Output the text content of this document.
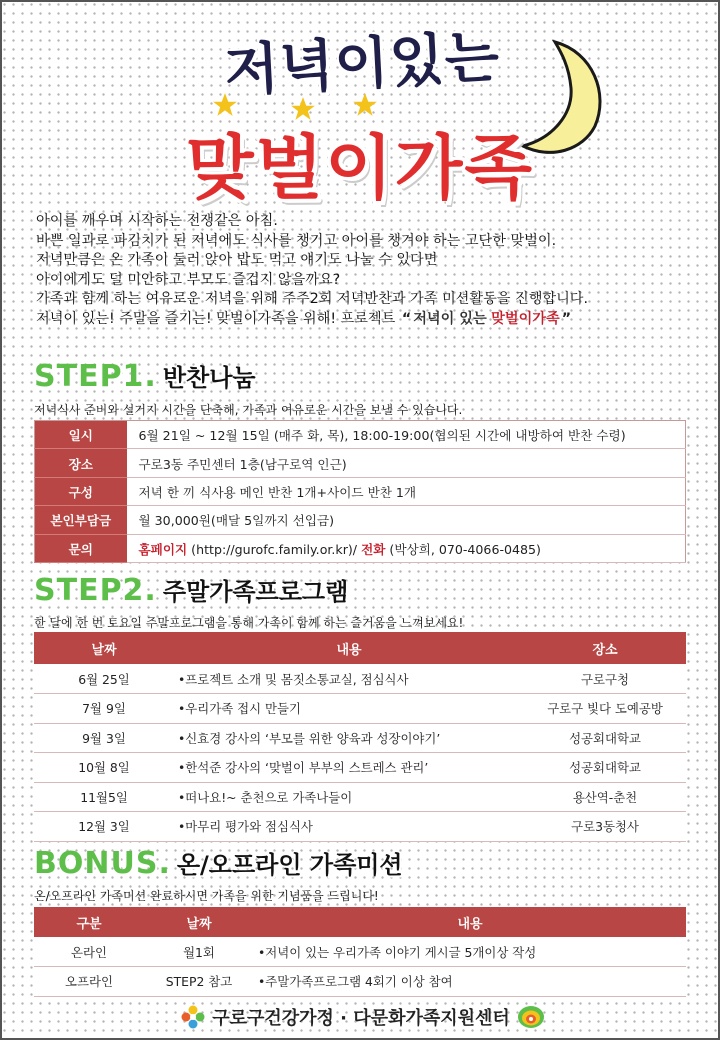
저녁이있는
맞벌이가족

아이를 깨우며 시작하는 전쟁같은 아침.

바쁜 일과로 파김치가 된 저녁에도 식사를 챙기고 아이를 챙겨야 하는 고단한 맞벌이.

저녁만큼은 온 가족이 둘러 앉아 밥도 먹고 얘기도 나눌 수 있다면

아이에게도 덜 미안하고 부모도 즐겁지 않을까요?

가족과 함께 하는 여유로운 저녁을 위해 주주2회 저녁반찬과 가족 미션활동을 진행합니다.

저녁이 있는! 주말을 즐기는! 맞벌이가족을 위해! 프로젝트 “ 저녁이 있는 맞벌이가족 ”

STEP1. 반찬나눔
저녁식사 준비와 설거지 시간을 단축해, 가족과 여유로운 시간을 보낼 수 있습니다.
일시	6월 21일 ~ 12월 15일 (매주 화, 목), 18:00-19:00(협의된 시간에 내방하여 반찬 수령)
장소	구로3동 주민센터 1층(남구로역 인근)
구성	저녁 한 끼 식사용 메인 반찬 1개+사이드 반찬 1개
본인부담금	월 30,000원(매달 5일까지 선입금)
문의	홈페이지 (http://gurofc.family.or.kr)/ 전화 (박상희, 070-4066-0485)
STEP2. 주말가족프로그램
한 달에 한 번 토요일 주말프로그램을 통해 가족이 함께 하는 즐거움을 느껴보세요!
날짜	내용	장소
6월 25일	•프로젝트 소개 및 몸짓소통교실, 점심식사	구로구청
7월 9일	•우리가족 접시 만들기	구로구 빛다 도예공방
9월 3일	•신효경 강사의 ‘부모를 위한 양육과 성장이야기’	성공회대학교
10월 8일	•한석준 강사의 ‘맞벌이 부부의 스트레스 관리’	성공회대학교
11월5일	•떠나요!~ 춘천으로 가족나들이	용산역-춘천
12월 3일	•마무리 평가와 점심식사	구로3동청사
BONUS. 온/오프라인 가족미션
온/오프라인 가족미션 완료하시면 가족을 위한 기념품을 드립니다!
구분	날짜	내용
온라인	월1회	•저녁이 있는 우리가족 이야기 게시글 5개이상 작성
오프라인	STEP2 참고	•주말가족프로그램 4회기 이상 참여
구로구건강가정 · 다문화가족지원센터
